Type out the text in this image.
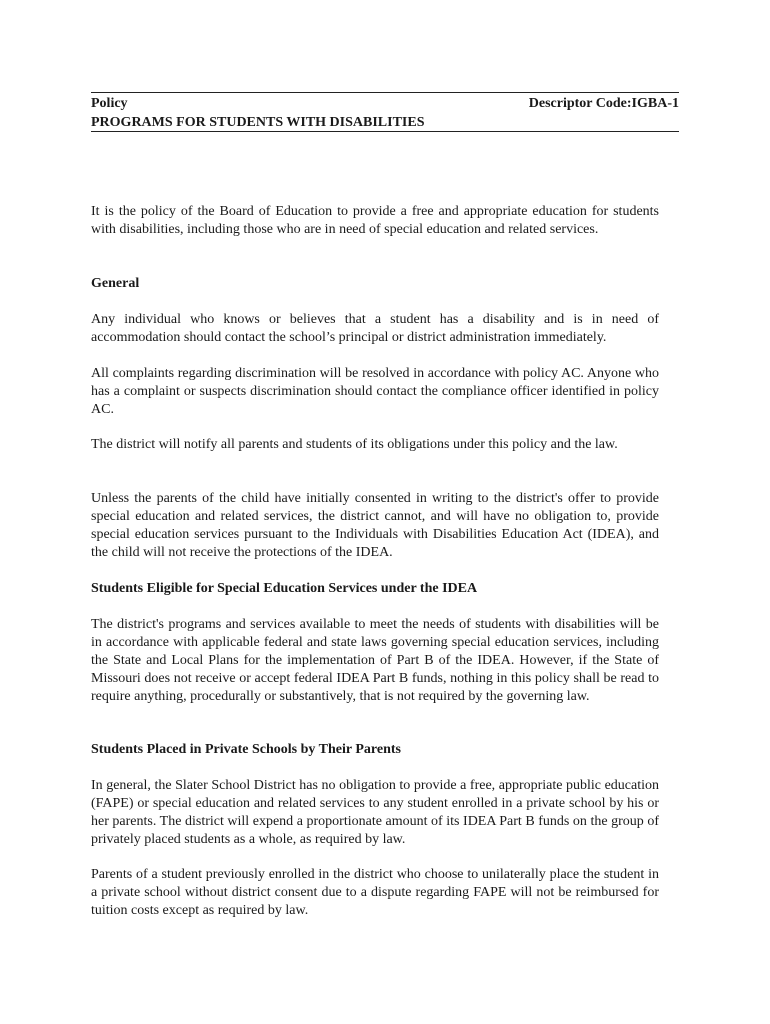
Policy	Descriptor Code:IGBA-1
PROGRAMS FOR STUDENTS WITH DISABILITIES

It is the policy of the Board of Education to provide a free and appropriate education for students with disabilities, including those who are in need of special education and related services.

General

Any individual who knows or believes that a student has a disability and is in need of accommodation should contact the school’s principal or district administration immediately.

All complaints regarding discrimination will be resolved in accordance with policy AC. Anyone who has a complaint or suspects discrimination should contact the compliance officer identified in policy AC.

The district will notify all parents and students of its obligations under this policy and the law.

Unless the parents of the child have initially consented in writing to the district's offer to provide special education and related services, the district cannot, and will have no obligation to, provide special education services pursuant to the Individuals with Disabilities Education Act (IDEA), and the child will not receive the protections of the IDEA.

Students Eligible for Special Education Services under the IDEA

The district's programs and services available to meet the needs of students with disabilities will be in accordance with applicable federal and state laws governing special education services, including the State and Local Plans for the implementation of Part B of the IDEA. However, if the State of Missouri does not receive or accept federal IDEA Part B funds, nothing in this policy shall be read to require anything, procedurally or substantively, that is not required by the governing law.

Students Placed in Private Schools by Their Parents

In general, the Slater School District has no obligation to provide a free, appropriate public education (FAPE) or special education and related services to any student enrolled in a private school by his or her parents. The district will expend a proportionate amount of its IDEA Part B funds on the group of privately placed students as a whole, as required by law.

Parents of a student previously enrolled in the district who choose to unilaterally place the student in a private school without district consent due to a dispute regarding FAPE will not be reimbursed for tuition costs except as required by law.
